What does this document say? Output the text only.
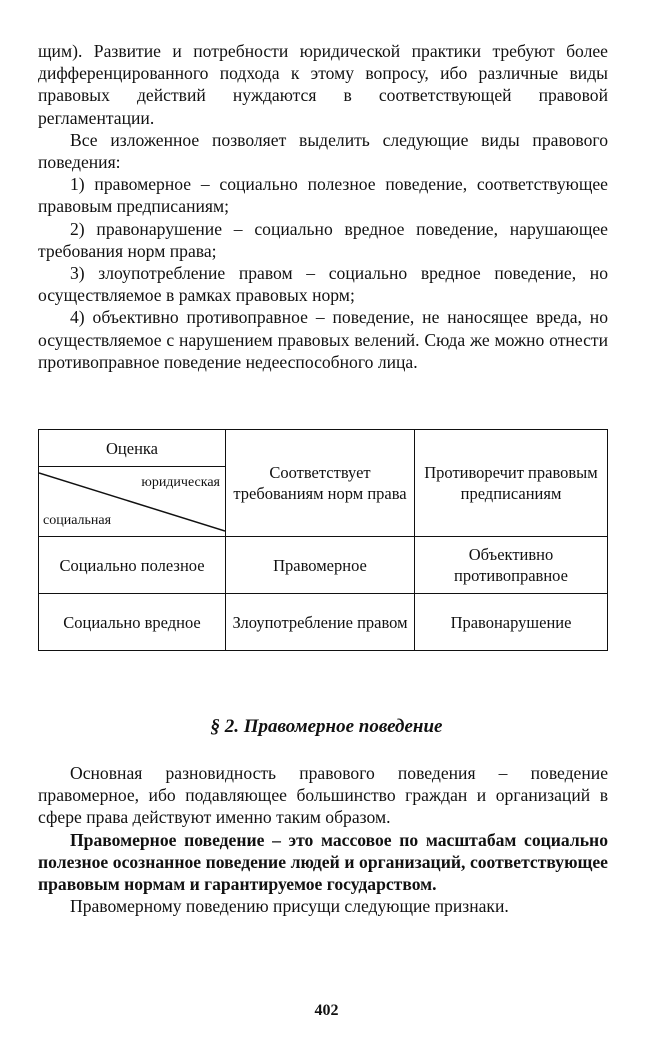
щим). Развитие и потребности юридической практики требуют более дифференцированного подхода к этому вопросу, ибо различные виды правовых действий нуждаются в соответствующей правовой регламентации.

Все изложенное позволяет выделить следующие виды правового поведения:

1) правомерное – социально полезное поведение, соответствующее правовым предписаниям;

2) правонарушение – социально вредное поведение, нарушающее требования норм права;

3) злоупотребление правом – социально вредное поведение, но осуществляемое в рамках правовых норм;

4) объективно противоправное – поведение, не наносящее вреда, но осуществляемое с нарушением правовых велений. Сюда же можно отнести противоправное поведение недееспособного лица.

Оценка
юридическая
социальная	Соответствует требованиям норм права	Противоречит правовым предписаниям
Социально полезное	Правомерное	Объективно противоправное
Социально вредное	Злоупотребление правом	Правонарушение
§ 2. Правомерное поведение

Основная разновидность правового поведения – поведение правомерное, ибо подавляющее большинство граждан и организаций в сфере права действуют именно таким образом.

Правомерное поведение – это массовое по масштабам социально полезное осознанное поведение людей и организаций, соответствующее правовым нормам и гарантируемое государством.

Правомерному поведению присущи следующие признаки.

402
